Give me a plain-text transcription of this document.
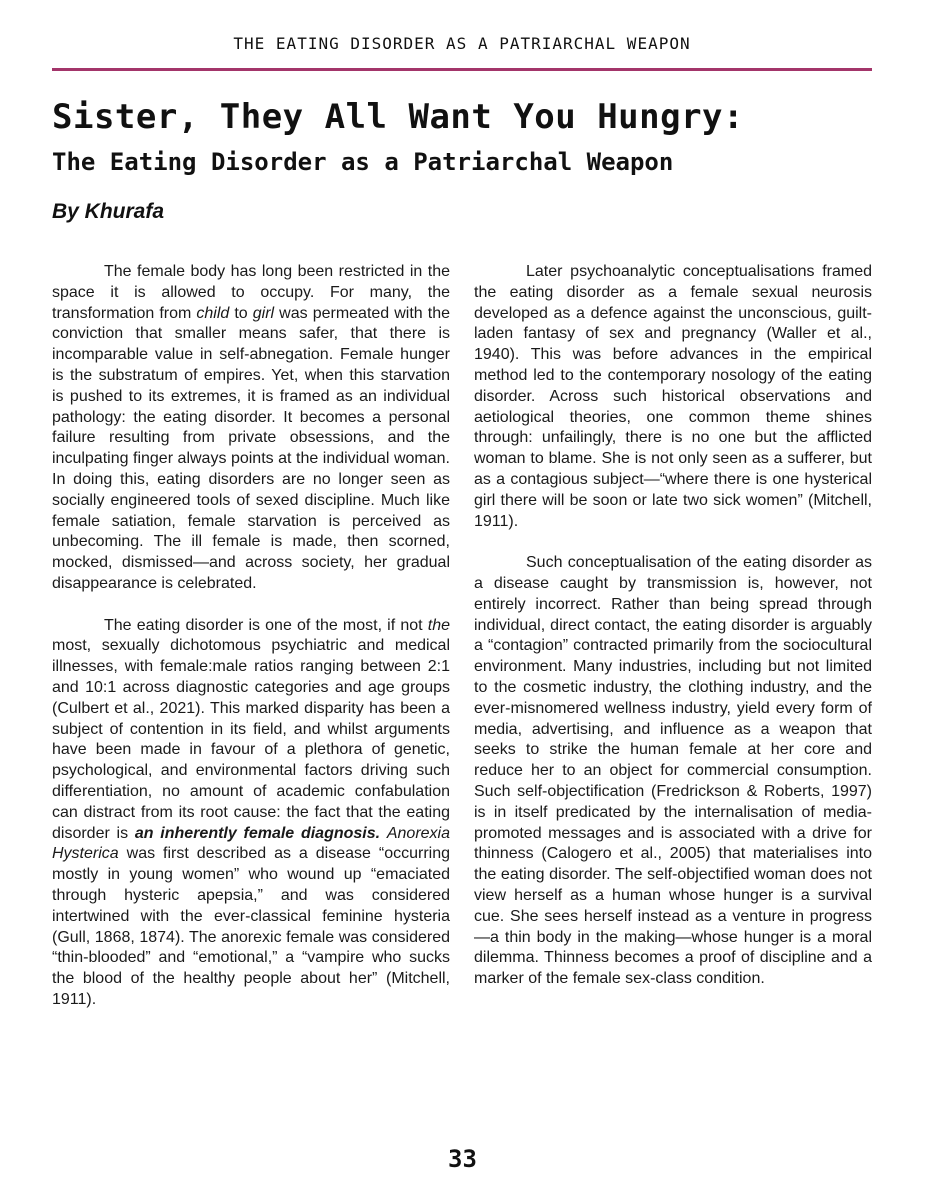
THE EATING DISORDER AS A PATRIARCHAL WEAPON
Sister, They All Want You Hungry:
The Eating Disorder as a Patriarchal Weapon
By Khurafa

The female body has long been restricted in the space it is allowed to occupy. For many, the transformation from child to girl was permeated with the conviction that smaller means safer, that there is incomparable value in self-abnegation. Female hunger is the substratum of empires. Yet, when this starvation is pushed to its extremes, it is framed as an individual pathology: the eating disorder. It becomes a personal failure resulting from private obsessions, and the inculpating finger always points at the individual woman. In doing this, eating disorders are no longer seen as socially engineered tools of sexed discipline. Much like female satiation, female starvation is perceived as unbecoming. The ill female is made, then scorned, mocked, dismissed—and across society, her gradual disappearance is celebrated.

The eating disorder is one of the most, if not the most, sexually dichotomous psychiatric and medical illnesses, with female:male ratios ranging between 2:1 and 10:1 across diagnostic categories and age groups (Culbert et al., 2021). This marked disparity has been a subject of contention in its field, and whilst arguments have been made in favour of a plethora of genetic, psychological, and environmental factors driving such differentiation, no amount of academic confabulation can distract from its root cause: the fact that the eating disorder is an inherently female diagnosis. Anorexia Hysterica was first described as a disease “occurring mostly in young women” who wound up “emaciated through hysteric apepsia,” and was considered intertwined with the ever-classical feminine hysteria (Gull, 1868, 1874). The anorexic female was considered “thin-blooded” and “emotional,” a “vampire who sucks the blood of the healthy people about her” (Mitchell, 1911).

Later psychoanalytic conceptualisations framed the eating disorder as a female sexual neurosis developed as a defence against the unconscious, guilt-laden fantasy of sex and pregnancy (Waller et al., 1940). This was before advances in the empirical method led to the contemporary nosology of the eating disorder. Across such historical observations and aetiological theories, one common theme shines through: unfailingly, there is no one but the afflicted woman to blame. She is not only seen as a sufferer, but as a contagious subject—“where there is one hysterical girl there will be soon or late two sick women” (Mitchell, 1911).

Such conceptualisation of the eating disorder as a disease caught by transmission is, however, not entirely incorrect. Rather than being spread through individual, direct contact, the eating disorder is arguably a “contagion” contracted primarily from the sociocultural environment. Many industries, including but not limited to the cosmetic industry, the clothing industry, and the ever-misnomered wellness industry, yield every form of media, advertising, and influence as a weapon that seeks to strike the human female at her core and reduce her to an object for commercial consumption. Such self-objectification (Fredrickson & Roberts, 1997) is in itself predicated by the internalisation of media-promoted messages and is associated with a drive for thinness (Calogero et al., 2005) that materialises into the eating disorder. The self-objectified woman does not view herself as a human whose hunger is a survival cue. She sees herself instead as a venture in progress—a thin body in the making—whose hunger is a moral dilemma. Thinness becomes a proof of discipline and a marker of the female sex-class condition.

33
